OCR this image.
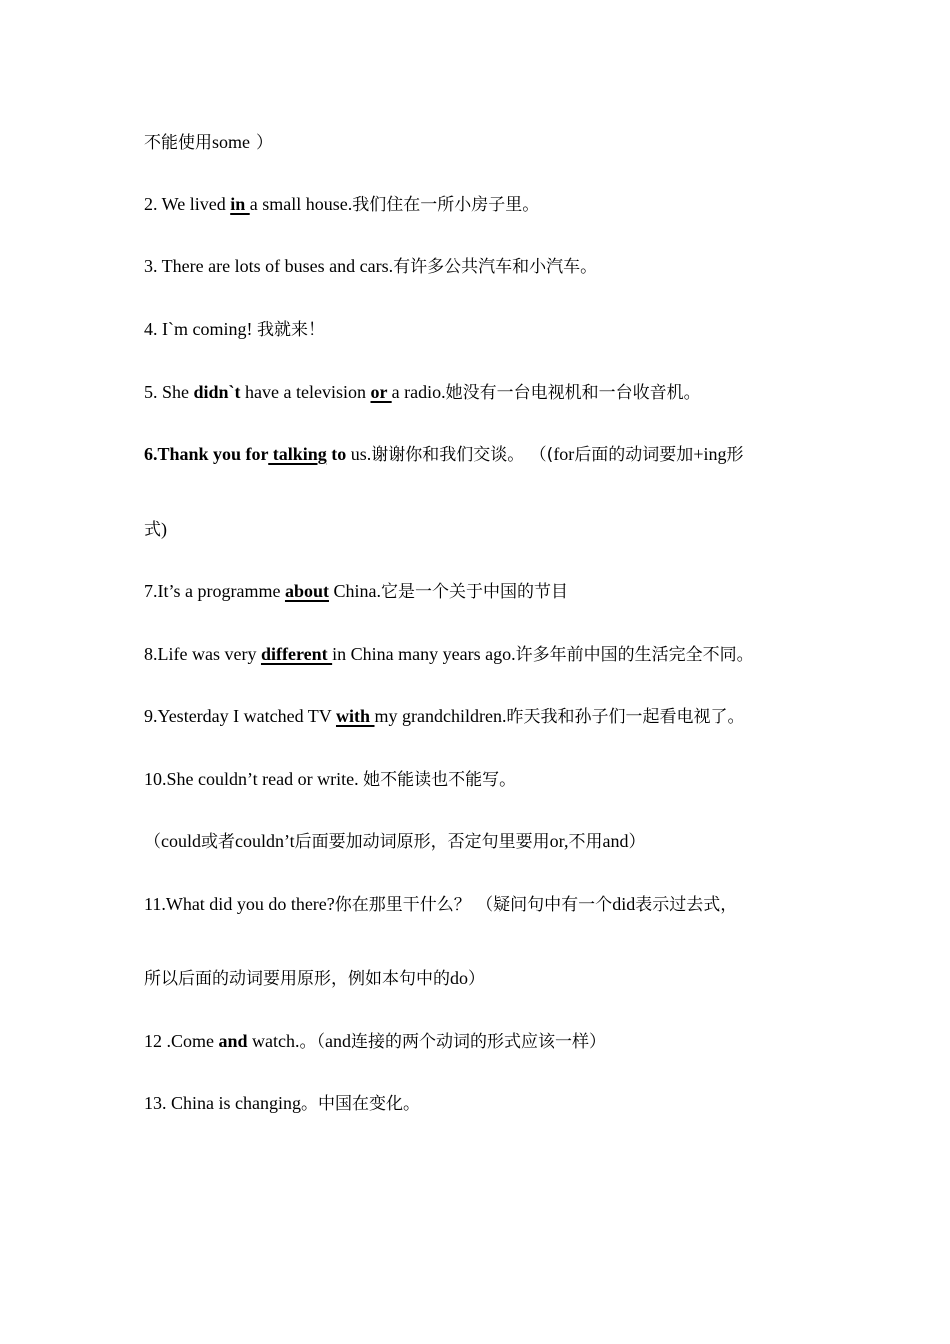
不能使用some ）
2. We lived in a small house.我们住在一所小房子里。
3. There are lots of buses and cars.有许多公共汽车和小汽车。
4. I`m coming! 我就来！
5. She didn`t have a television or a radio.她没有一台电视机和一台收音机。
6.Thank you for talking to us.谢谢你和我们交谈。 （(for后面的动词要加+ing形
式)
7.It’s a programme about China.它是一个关于中国的节目
8.Life was very different in China many years ago.许多年前中国的生活完全不同。
9.Yesterday I watched TV with my grandchildren.昨天我和孙子们一起看电视了。
10.She couldn’t read or write. 她不能读也不能写。
（could或者couldn’t后面要加动词原形，否定句里要用or,不用and）
11.What did you do there?你在那里干什么？ （疑问句中有一个did表示过去式，
所以后面的动词要用原形，例如本句中的do）
12 .Come and watch.。（and连接的两个动词的形式应该一样）
13. China is changing。中国在变化。
